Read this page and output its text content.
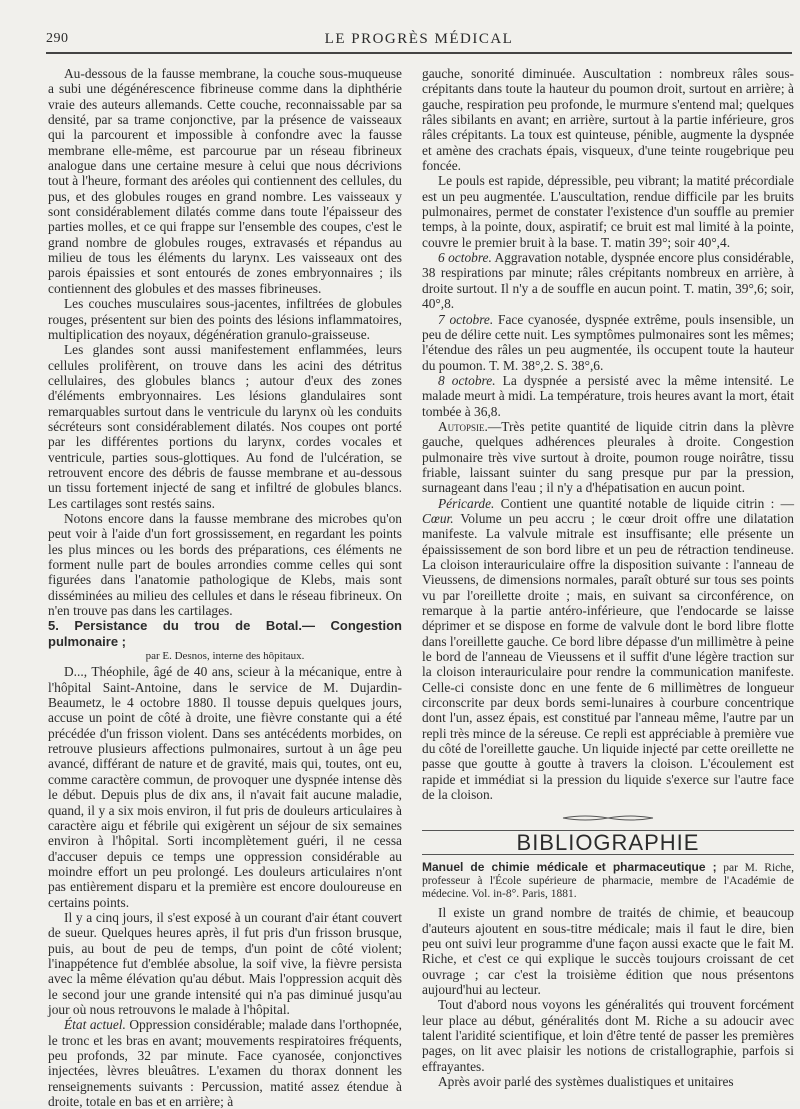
290	LE PROGRÈS MÉDICAL

Au-dessous de la fausse membrane, la couche sous-muqueuse a subi une dégénérescence fibrineuse comme dans la diphthérie vraie des auteurs allemands. Cette couche, reconnaissable par sa densité, par sa trame conjonctive, par la présence de vaisseaux qui la parcourent et impossible à confondre avec la fausse membrane elle-même, est parcourue par un réseau fibrineux analogue dans une certaine mesure à celui que nous décrivions tout à l'heure, formant des aréoles qui contiennent des cellules, du pus, et des globules rouges en grand nombre. Les vaisseaux y sont considérablement dilatés comme dans toute l'épaisseur des parties molles, et ce qui frappe sur l'ensemble des coupes, c'est le grand nombre de globules rouges, extravasés et répandus au milieu de tous les éléments du larynx. Les vaisseaux ont des parois épaissies et sont entourés de zones embryonnaires ; ils contiennent des globules et des masses fibrineuses.

Les couches musculaires sous-jacentes, infiltrées de globules rouges, présentent sur bien des points des lésions inflammatoires, multiplication des noyaux, dégénération granulo-graisseuse.

Les glandes sont aussi manifestement enflammées, leurs cellules prolifèrent, on trouve dans les acini des détritus cellulaires, des globules blancs ; autour d'eux des zones d'éléments embryonnaires. Les lésions glandulaires sont remarquables surtout dans le ventricule du larynx où les conduits sécréteurs sont considérablement dilatés. Nos coupes ont porté par les différentes portions du larynx, cordes vocales et ventricule, parties sous-glottiques. Au fond de l'ulcération, se retrouvent encore des débris de fausse membrane et au-dessous un tissu fortement injecté de sang et infiltré de globules blancs. Les cartilages sont restés sains.

Notons encore dans la fausse membrane des microbes qu'on peut voir à l'aide d'un fort grossissement, en regardant les points les plus minces ou les bords des préparations, ces éléments ne forment nulle part de boules arrondies comme celles qui sont figurées dans l'anatomie pathologique de Klebs, mais sont disséminées au milieu des cellules et dans le réseau fibrineux. On n'en trouve pas dans les cartilages.

5. Persistance du trou de Botal.— Congestion pulmonaire ;

par E. Desnos, interne des hôpitaux.

D..., Théophile, âgé de 40 ans, scieur à la mécanique, entre à l'hôpital Saint-Antoine, dans le service de M. Dujardin-Beaumetz, le 4 octobre 1880. Il tousse depuis quelques jours, accuse un point de côté à droite, une fièvre constante qui a été précédée d'un frisson violent. Dans ses antécédents morbides, on retrouve plusieurs affections pulmonaires, surtout à un âge peu avancé, différant de nature et de gravité, mais qui, toutes, ont eu, comme caractère commun, de provoquer une dyspnée intense dès le début. Depuis plus de dix ans, il n'avait fait aucune maladie, quand, il y a six mois environ, il fut pris de douleurs articulaires à caractère aigu et fébrile qui exigèrent un séjour de six semaines environ à l'hôpital. Sorti incomplètement guéri, il ne cessa d'accuser depuis ce temps une oppression considérable au moindre effort un peu prolongé. Les douleurs articulaires n'ont pas entièrement disparu et la première est encore douloureuse en certains points.

Il y a cinq jours, il s'est exposé à un courant d'air étant couvert de sueur. Quelques heures après, il fut pris d'un frisson brusque, puis, au bout de peu de temps, d'un point de côté violent; l'inappétence fut d'emblée absolue, la soif vive, la fièvre persista avec la même élévation qu'au début. Mais l'oppression acquit dès le second jour une grande intensité qui n'a pas diminué jusqu'au jour où nous retrouvons le malade à l'hôpital.

État actuel. Oppression considérable; malade dans l'orthopnée, le tronc et les bras en avant; mouvements respiratoires fréquents, peu profonds, 32 par minute. Face cyanosée, conjonctives injectées, lèvres bleuâtres. L'examen du thorax donnent les renseignements suivants : Percussion, matité assez étendue à droite, totale en bas et en arrière; à

gauche, sonorité diminuée. Auscultation : nombreux râles sous-crépitants dans toute la hauteur du poumon droit, surtout en arrière; à gauche, respiration peu profonde, le murmure s'entend mal; quelques râles sibilants en avant; en arrière, surtout à la partie inférieure, gros râles crépitants. La toux est quinteuse, pénible, augmente la dyspnée et amène des crachats épais, visqueux, d'une teinte rougebrique peu foncée.

Le pouls est rapide, dépressible, peu vibrant; la matité précordiale est un peu augmentée. L'auscultation, rendue difficile par les bruits pulmonaires, permet de constater l'existence d'un souffle au premier temps, à la pointe, doux, aspiratif; ce bruit est mal limité à la pointe, couvre le premier bruit à la base. T. matin 39°; soir 40°,4.

6 octobre. Aggravation notable, dyspnée encore plus considérable, 38 respirations par minute; râles crépitants nombreux en arrière, à droite surtout. Il n'y a de souffle en aucun point. T. matin, 39°,6; soir, 40°,8.

7 octobre. Face cyanosée, dyspnée extrême, pouls insensible, un peu de délire cette nuit. Les symptômes pulmonaires sont les mêmes; l'étendue des râles un peu augmentée, ils occupent toute la hauteur du poumon. T. M. 38°,2. S. 38°,6.

8 octobre. La dyspnée a persisté avec la même intensité. Le malade meurt à midi. La température, trois heures avant la mort, était tombée à 36,8.

Autopsie.—Très petite quantité de liquide citrin dans la plèvre gauche, quelques adhérences pleurales à droite. Congestion pulmonaire très vive surtout à droite, poumon rouge noirâtre, tissu friable, laissant suinter du sang presque pur par la pression, surnageant dans l'eau ; il n'y a d'hépatisation en aucun point.

Péricarde. Contient une quantité notable de liquide citrin : — Cœur. Volume un peu accru ; le cœur droit offre une dilatation manifeste. La valvule mitrale est insuffisante; elle présente un épaississement de son bord libre et un peu de rétraction tendineuse. La cloison interauriculaire offre la disposition suivante : l'anneau de Vieussens, de dimensions normales, paraît obturé sur tous ses points vu par l'oreillette droite ; mais, en suivant sa circonférence, on remarque à la partie antéro-inférieure, que l'endocarde se laisse déprimer et se dispose en forme de valvule dont le bord libre flotte dans l'oreillette gauche. Ce bord libre dépasse d'un millimètre à peine le bord de l'anneau de Vieussens et il suffit d'une légère traction sur la cloison interauriculaire pour rendre la communication manifeste. Celle-ci consiste donc en une fente de 6 millimètres de longueur circonscrite par deux bords semi-lunaires à courbure concentrique dont l'un, assez épais, est constitué par l'anneau même, l'autre par un repli très mince de la séreuse. Ce repli est appréciable à première vue du côté de l'oreillette gauche. Un liquide injecté par cette oreillette ne passe que goutte à goutte à travers la cloison. L'écoulement est rapide et immédiat si la pression du liquide s'exerce sur l'autre face de la cloison.

BIBLIOGRAPHIE

Manuel de chimie médicale et pharmaceutique ; par M. Riche, professeur à l'École supérieure de pharmacie, membre de l'Académie de médecine. Vol. in-8°. Paris, 1881.

Il existe un grand nombre de traités de chimie, et beaucoup d'auteurs ajoutent en sous-titre médicale; mais il faut le dire, bien peu ont suivi leur programme d'une façon aussi exacte que le fait M. Riche, et c'est ce qui explique le succès toujours croissant de cet ouvrage ; car c'est la troisième édition que nous présentons aujourd'hui au lecteur.

Tout d'abord nous voyons les généralités qui trouvent forcément leur place au début, généralités dont M. Riche a su adoucir avec talent l'aridité scientifique, et loin d'être tenté de passer les premières pages, on lit avec plaisir les notions de cristallographie, parfois si effrayantes.

Après avoir parlé des systèmes dualistiques et unitaires
